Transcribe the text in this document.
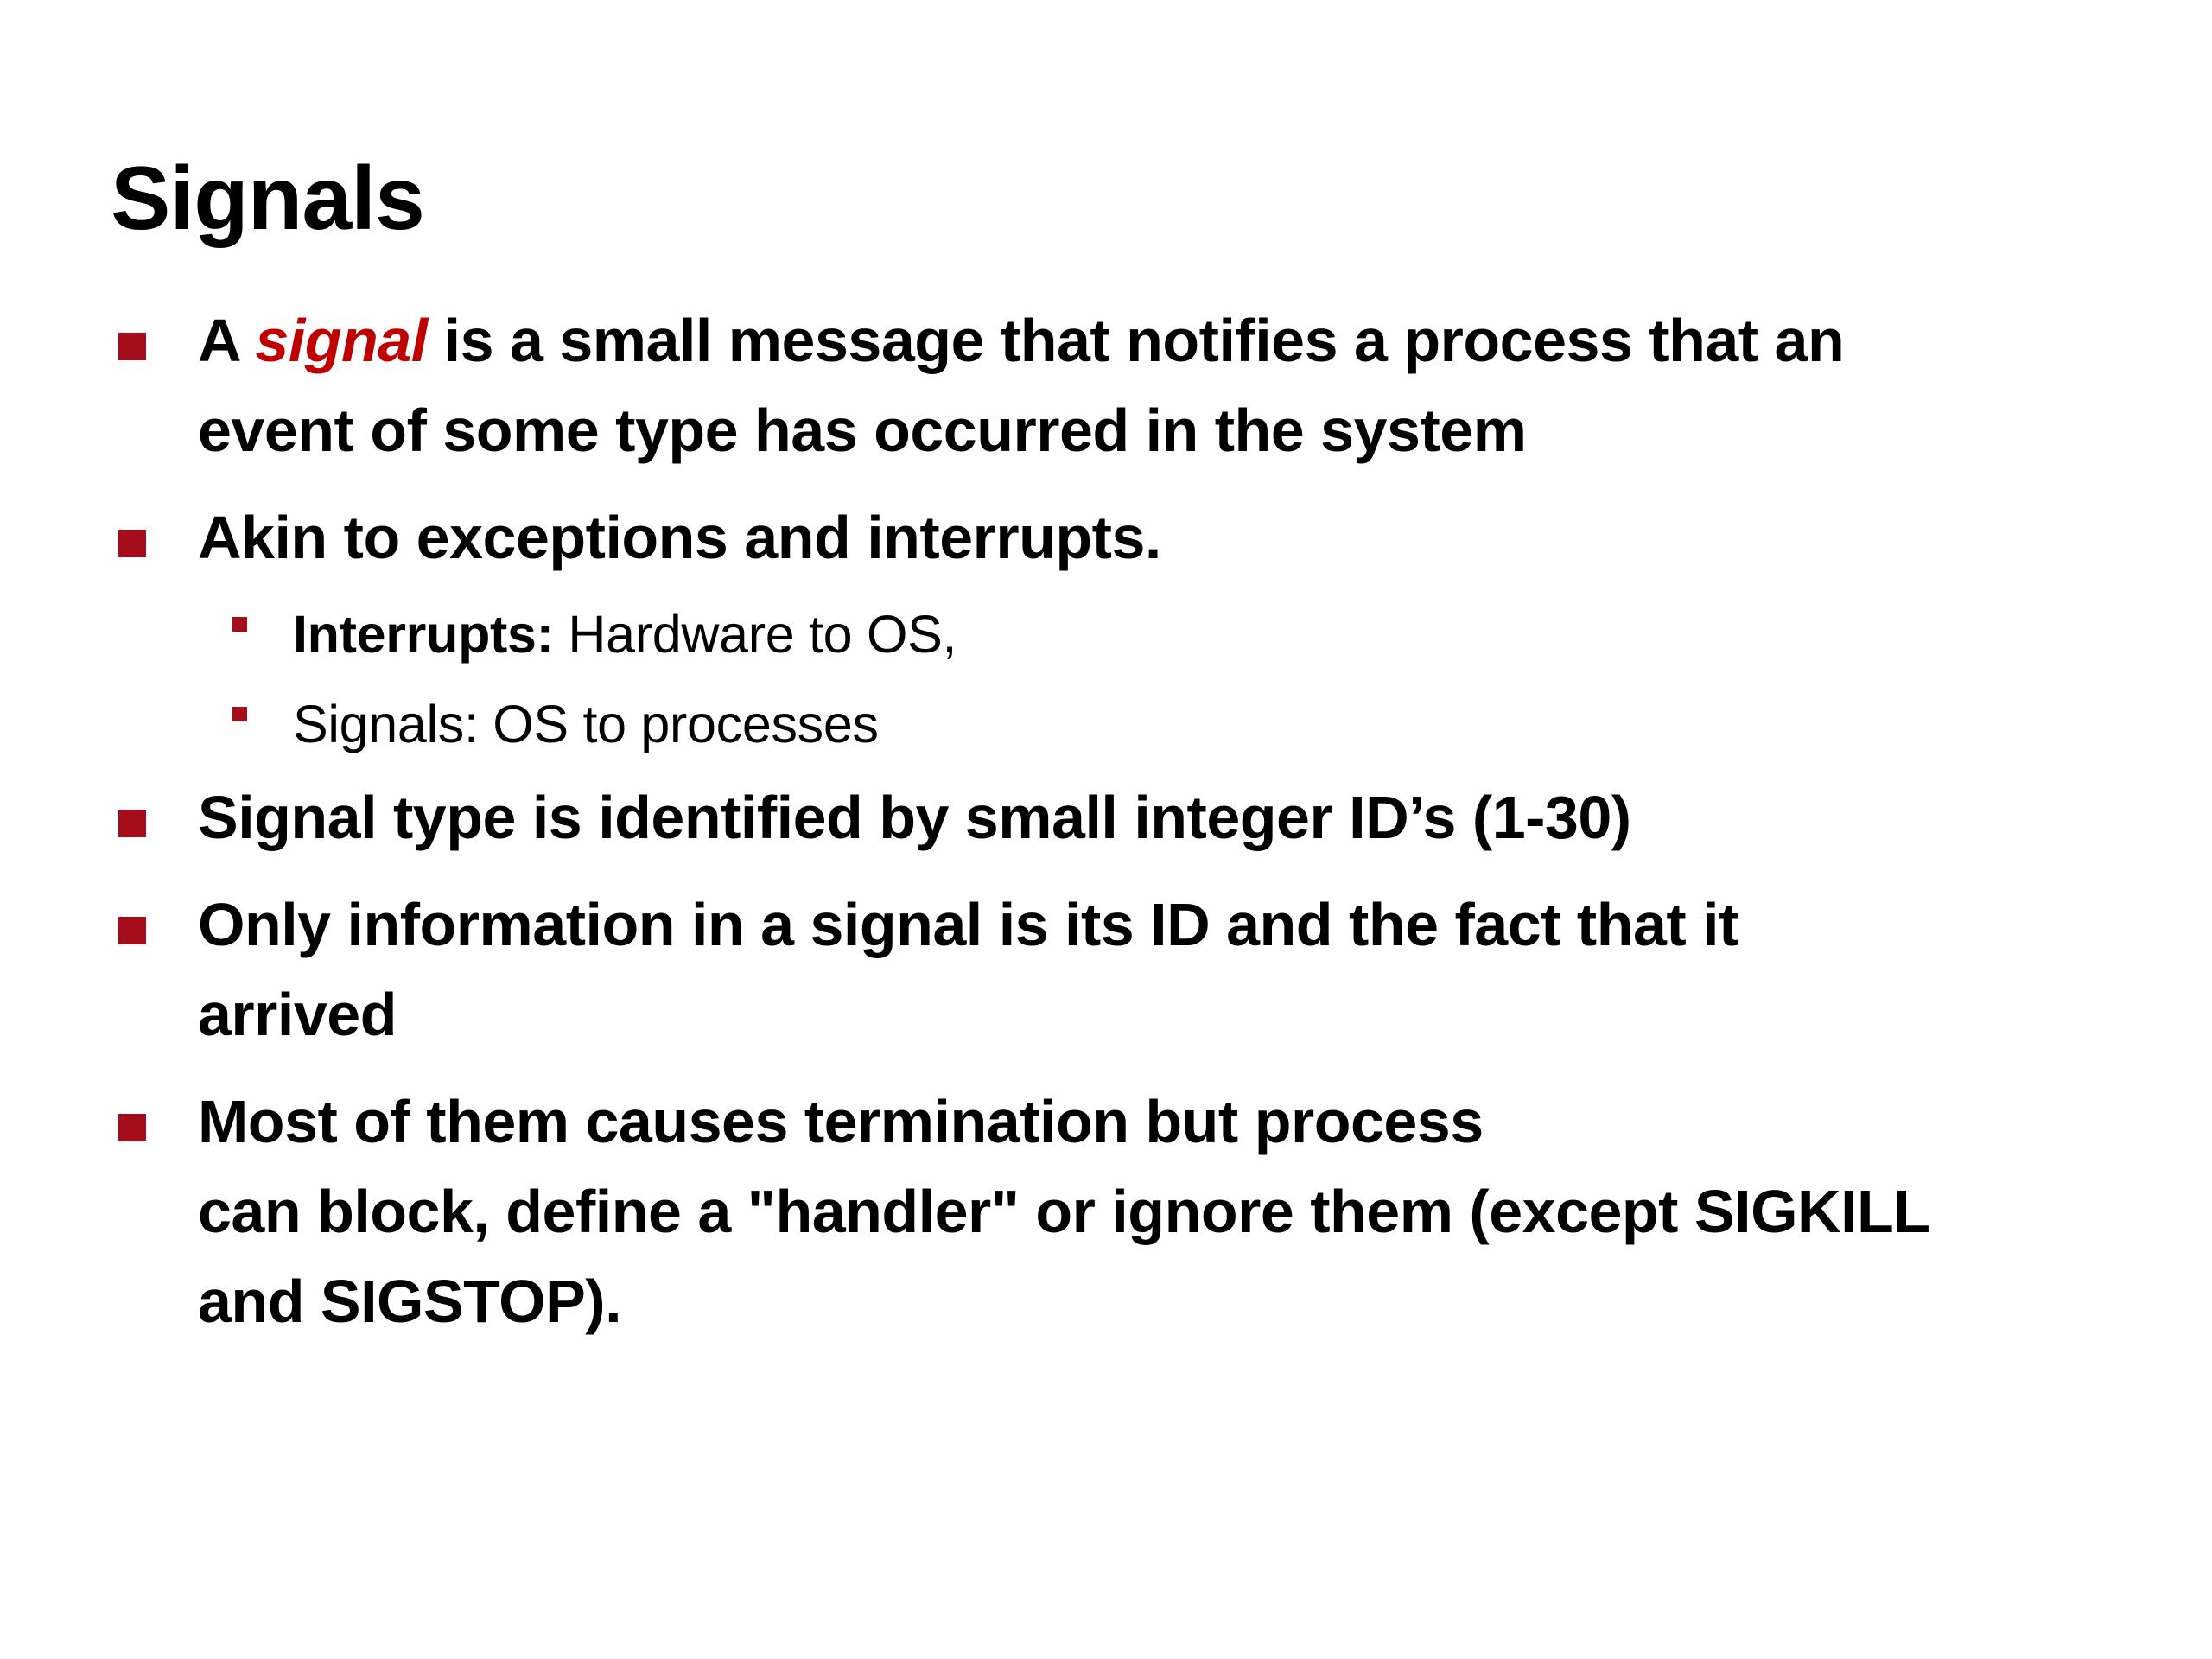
Signals
A signal is a small message that notifies a process that an
event of some type has occurred in the system
Akin to exceptions and interrupts.
Interrupts: Hardware to OS,
Signals: OS to processes
Signal type is identified by small integer ID’s (1-30)
Only information in a signal is its ID and the fact that it
arrived
Most of them causes termination but process
can block, define a "handler" or ignore them (except SIGKILL
and SIGSTOP).
